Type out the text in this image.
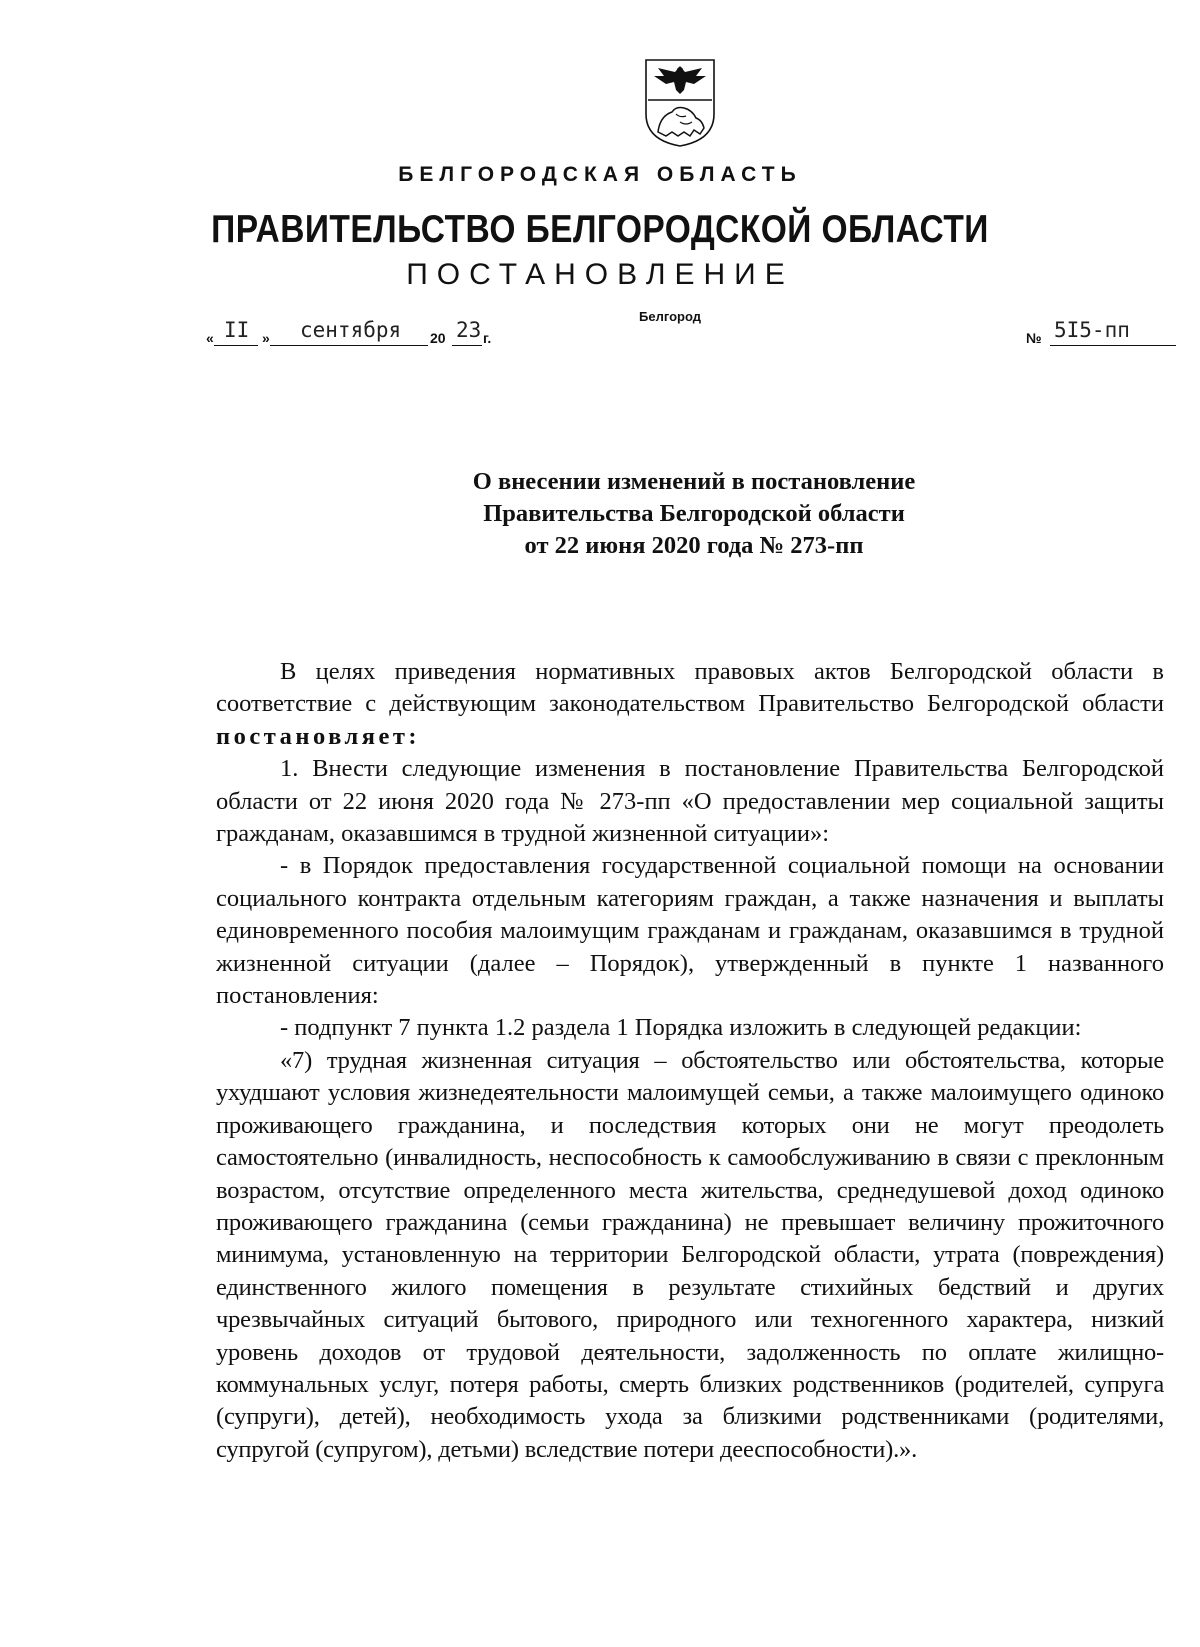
БЕЛГОРОДСКАЯ ОБЛАСТЬ
ПРАВИТЕЛЬСТВО БЕЛГОРОДСКОЙ ОБЛАСТИ
ПОСТАНОВЛЕНИЕ
Белгород
« II » сентября 20 23 г.	№ 5I5-пп
О внесении изменений в постановление
Правительства Белгородской области
от 22 июня 2020 года № 273-пп

В целях приведения нормативных правовых актов Белгородской области в соответствие с действующим законодательством Правительство Белгородской области постановляет:

1. Внести следующие изменения в постановление Правительства Белгородской области от 22 июня 2020 года № 273-пп «О предоставлении мер социальной защиты гражданам, оказавшимся в трудной жизненной ситуации»:

- в Порядок предоставления государственной социальной помощи на основании социального контракта отдельным категориям граждан, а также назначения и выплаты единовременного пособия малоимущим гражданам и гражданам, оказавшимся в трудной жизненной ситуации (далее – Порядок), утвержденный в пункте 1 названного постановления:

- подпункт 7 пункта 1.2 раздела 1 Порядка изложить в следующей редакции:

«7) трудная жизненная ситуация – обстоятельство или обстоятельства, которые ухудшают условия жизнедеятельности малоимущей семьи, а также малоимущего одиноко проживающего гражданина, и последствия которых они не могут преодолеть самостоятельно (инвалидность, неспособность к самообслуживанию в связи с преклонным возрастом, отсутствие определенного места жительства, среднедушевой доход одиноко проживающего гражданина (семьи гражданина) не превышает величину прожиточного минимума, установленную на территории Белгородской области, утрата (повреждения) единственного жилого помещения в результате стихийных бедствий и других чрезвычайных ситуаций бытового, природного или техногенного характера, низкий уровень доходов от трудовой деятельности, задолженность по оплате жилищно-коммунальных услуг, потеря работы, смерть близких родственников (родителей, супруга (супруги), детей), необходимость ухода за близкими родственниками (родителями, супругой (супругом), детьми) вследствие потери дееспособности).».
